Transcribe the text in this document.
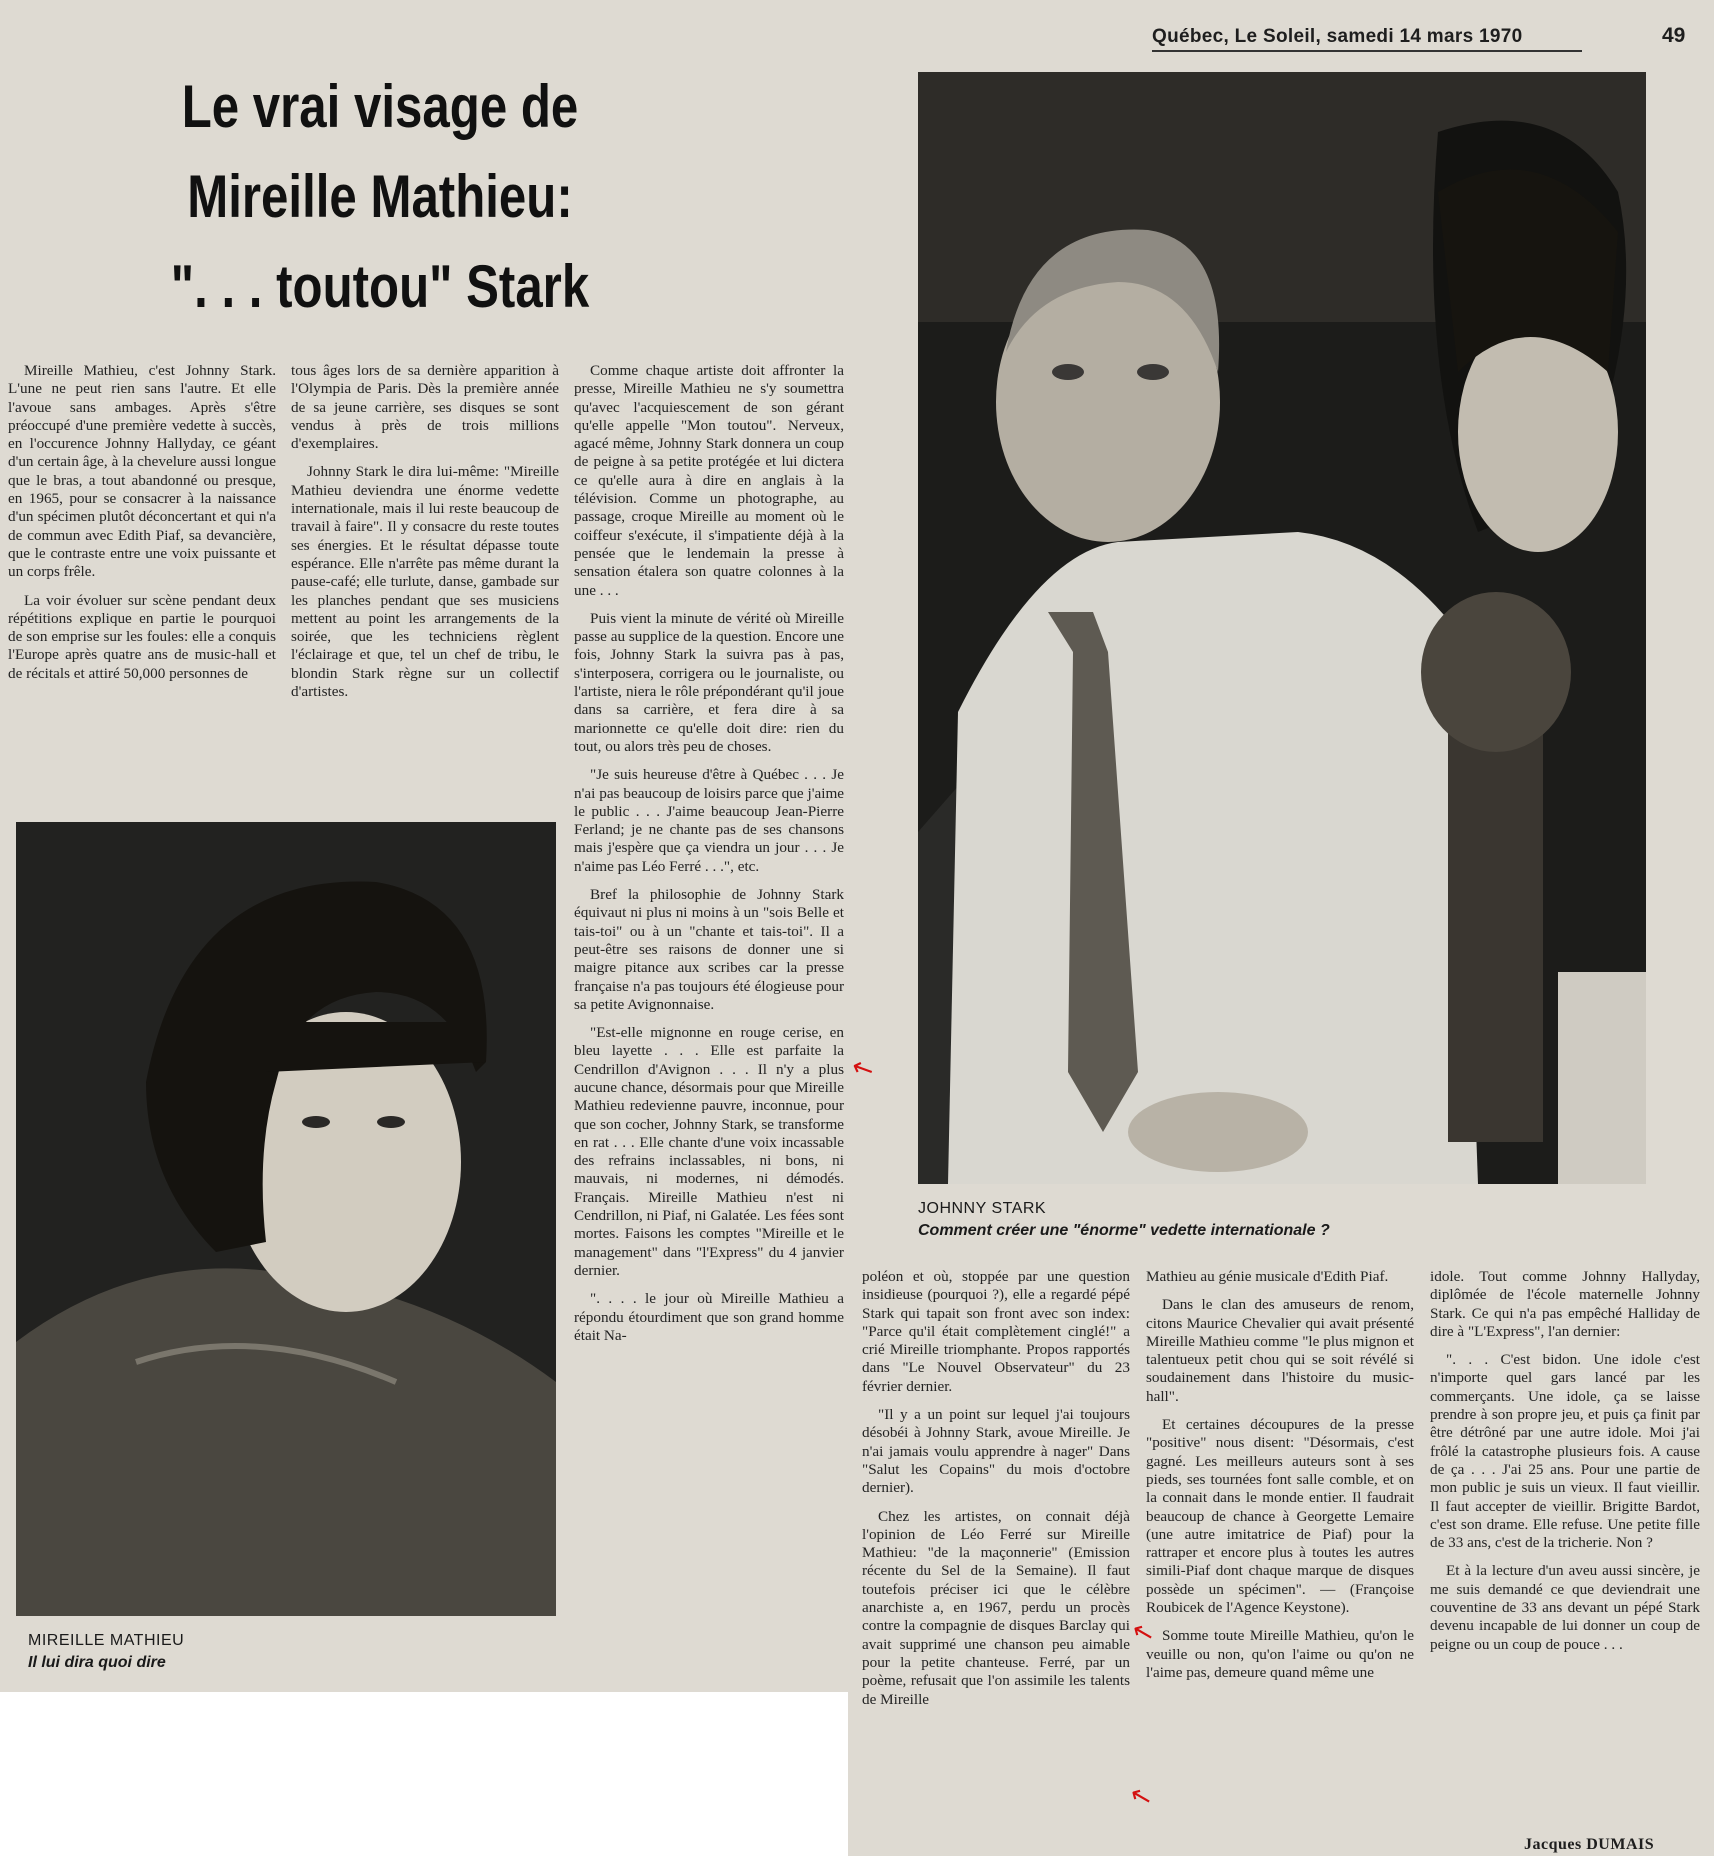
Québec, Le Soleil, samedi 14 mars 1970	49
Le vrai visage de
Mireille Mathieu:
". . . toutou" Stark

Mireille Mathieu, c'est Johnny Stark. L'une ne peut rien sans l'autre. Et elle l'avoue sans ambages. Après s'être préoccupé d'une première vedette à succès, en l'occurence Johnny Hallyday, ce géant d'un certain âge, à la chevelure aussi longue que le bras, a tout abandonné ou presque, en 1965, pour se consacrer à la naissance d'un spécimen plutôt déconcertant et qui n'a de commun avec Edith Piaf, sa devancière, que le contraste entre une voix puissante et un corps frêle.

La voir évoluer sur scène pendant deux répétitions explique en partie le pourquoi de son emprise sur les foules: elle a conquis l'Europe après quatre ans de music-hall et de récitals et attiré 50,000 personnes de

tous âges lors de sa dernière apparition à l'Olympia de Paris. Dès la première année de sa jeune carrière, ses disques se sont vendus à près de trois millions d'exemplaires.

Johnny Stark le dira lui-même: "Mireille Mathieu deviendra une énorme vedette internationale, mais il lui reste beaucoup de travail à faire". Il y consacre du reste toutes ses énergies. Et le résultat dépasse toute espérance. Elle n'arrête pas même durant la pause-café; elle turlute, danse, gambade sur les planches pendant que ses musiciens mettent au point les arrangements de la soirée, que les techniciens règlent l'éclairage et que, tel un chef de tribu, le blondin Stark règne sur un collectif d'artistes.

Comme chaque artiste doit affronter la presse, Mireille Mathieu ne s'y soumettra qu'avec l'acquiescement de son gérant qu'elle appelle "Mon toutou". Nerveux, agacé même, Johnny Stark donnera un coup de peigne à sa petite protégée et lui dictera ce qu'elle aura à dire en anglais à la télévision. Comme un photographe, au passage, croque Mireille au moment où le coiffeur s'exécute, il s'impatiente déjà à la pensée que le lendemain la presse à sensation étalera son quatre colonnes à la une . . .

Puis vient la minute de vérité où Mireille passe au supplice de la question. Encore une fois, Johnny Stark la suivra pas à pas, s'interposera, corrigera ou le journaliste, ou l'artiste, niera le rôle prépondérant qu'il joue dans sa carrière, et fera dire à sa marionnette ce qu'elle doit dire: rien du tout, ou alors très peu de choses.

"Je suis heureuse d'être à Québec . . . Je n'ai pas beaucoup de loisirs parce que j'aime le public . . . J'aime beaucoup Jean-Pierre Ferland; je ne chante pas de ses chansons mais j'espère que ça viendra un jour . . . Je n'aime pas Léo Ferré . . .", etc.

Bref la philosophie de Johnny Stark équivaut ni plus ni moins à un "sois Belle et tais-toi" ou à un "chante et tais-toi". Il a peut-être ses raisons de donner une si maigre pitance aux scribes car la presse française n'a pas toujours été élogieuse pour sa petite Avignonnaise.

"Est-elle mignonne en rouge cerise, en bleu layette . . . Elle est parfaite la Cendrillon d'Avignon . . . Il n'y a plus aucune chance, désormais pour que Mireille Mathieu redevienne pauvre, inconnue, pour que son cocher, Johnny Stark, se transforme en rat . . . Elle chante d'une voix incassable des refrains inclassables, ni bons, ni mauvais, ni modernes, ni démodés. Français. Mireille Mathieu n'est ni Cendrillon, ni Piaf, ni Galatée. Les fées sont mortes. Faisons les comptes "Mireille et le management" dans "l'Express" du 4 janvier dernier.

". . . . le jour où Mireille Mathieu a répondu étourdiment que son grand homme était Na-

poléon et où, stoppée par une question insidieuse (pourquoi ?), elle a regardé pépé Stark qui tapait son front avec son index: "Parce qu'il était complètement cinglé!" a crié Mireille triomphante. Propos rapportés dans "Le Nouvel Observateur" du 23 février dernier.

"Il y a un point sur lequel j'ai toujours désobéi à Johnny Stark, avoue Mireille. Je n'ai jamais voulu apprendre à nager" Dans "Salut les Copains" du mois d'octobre dernier).

Chez les artistes, on connait déjà l'opinion de Léo Ferré sur Mireille Mathieu: "de la maçonnerie" (Emission récente du Sel de la Semaine). Il faut toutefois préciser ici que le célèbre anarchiste a, en 1967, perdu un procès contre la compagnie de disques Barclay qui avait supprimé une chanson peu aimable pour la petite chanteuse. Ferré, par un poème, refusait que l'on assimile les talents de Mireille

Mathieu au génie musicale d'Edith Piaf.

Dans le clan des amuseurs de renom, citons Maurice Chevalier qui avait présenté Mireille Mathieu comme "le plus mignon et talentueux petit chou qui se soit révélé si soudainement dans l'histoire du music-hall".

Et certaines découpures de la presse "positive" nous disent: "Désormais, c'est gagné. Les meilleurs auteurs sont à ses pieds, ses tournées font salle comble, et on la connait dans le monde entier. Il faudrait beaucoup de chance à Georgette Lemaire (une autre imitatrice de Piaf) pour la rattraper et encore plus à toutes les autres simili-Piaf dont chaque marque de disques possède un spécimen". — (Françoise Roubicek de l'Agence Keystone).

Somme toute Mireille Mathieu, qu'on le veuille ou non, qu'on l'aime ou qu'on ne l'aime pas, demeure quand même une

idole. Tout comme Johnny Hallyday, diplômée de l'école maternelle Johnny Stark. Ce qui n'a pas empêché Halliday de dire à "L'Express", l'an dernier:

". . . C'est bidon. Une idole c'est n'importe quel gars lancé par les commerçants. Une idole, ça se laisse prendre à son propre jeu, et puis ça finit par être détrôné par une autre idole. Moi j'ai frôlé la catastrophe plusieurs fois. A cause de ça . . . J'ai 25 ans. Pour une partie de mon public je suis un vieux. Il faut vieillir. Il faut accepter de vieillir. Brigitte Bardot, c'est son drame. Elle refuse. Une petite fille de 33 ans, c'est de la tricherie. Non ?

Et à la lecture d'un aveu aussi sincère, je me suis demandé ce que deviendrait une couventine de 33 ans devant un pépé Stark devenu incapable de lui donner un coup de peigne ou un coup de pouce . . .

Jacques DUMAIS
JOHNNY STARK
Comment créer une "énorme" vedette internationale ?
MIREILLE MATHIEU
Il lui dira quoi dire
←
←
←
